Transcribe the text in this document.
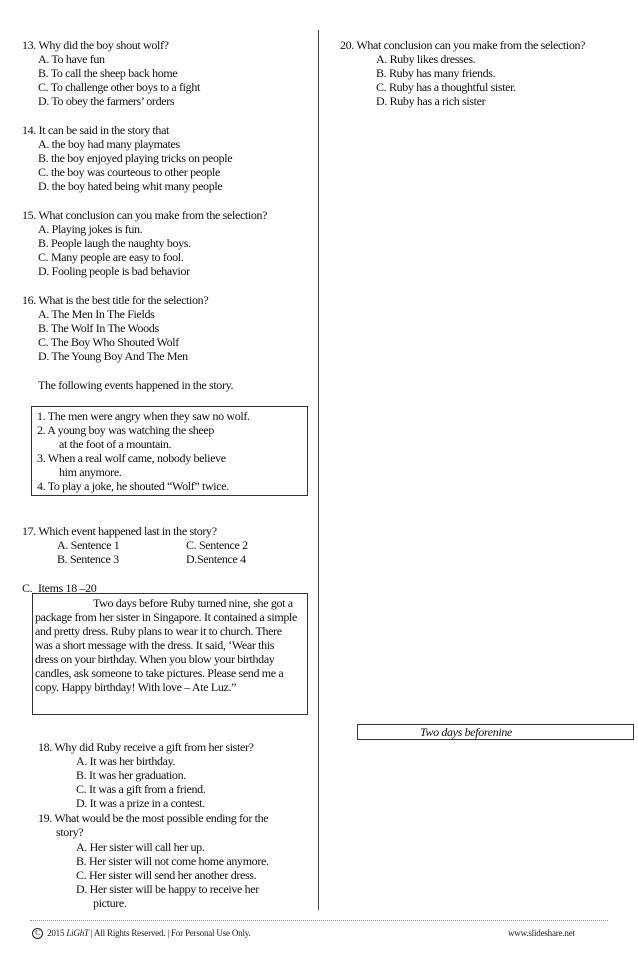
13. Why did the boy shout wolf?
A. To have fun
B. To call the sheep back home
C. To challenge other boys to a fight
D. To obey the farmers’ orders
14. It can be said in the story that
A. the boy had many playmates
B. the boy enjoyed playing tricks on people
C. the boy was courteous to other people
D. the boy hated being whit many people
15. What conclusion can you make from the selection?
A. Playing jokes is fun.
B. People laugh the naughty boys.
C. Many people are easy to fool.
D. Fooling people is bad behavior
16. What is the best title for the selection?
A. The Men In The Fields
B. The Wolf In The Woods
C. The Boy Who Shouted Wolf
D. The Young Boy And The Men
The following events happened in the story.
1. The men were angry when they saw no wolf.
2. A young boy was watching the sheep
at the foot of a mountain.
3. When a real wolf came, nobody believe
him anymore.
4. To play a joke, he shouted “Wolf” twice.
17. Which event happened last in the story?
A. Sentence 1	C. Sentence 2
B. Sentence 3	D.Sentence 4
C. Items 18 –20
Two days before Ruby turned nine, she got a
package from her sister in Singapore. It contained a simple
and pretty dress. Ruby plans to wear it to church. There
was a short message with the dress. It said, ‘Wear this
dress on your birthday. When you blow your birthday
candles, ask someone to take pictures. Please send me a
copy. Happy birthday! With love – Ate Luz.”
18. Why did Ruby receive a gift from her sister?
A. It was her birthday.
B. It was her graduation.
C. It was a gift from a friend.
D. It was a prize in a contest.
19. What would be the most possible ending for the
story?
A. Her sister will call her up.
B. Her sister will not come home anymore.
C. Her sister will send her another dress.
D. Her sister will be happy to receive her
picture.
20. What conclusion can you make from the selection?
A. Ruby likes dresses.
B. Ruby has many friends.
C. Ruby has a thoughtful sister.
D. Ruby has a rich sister
Two days beforenine
C 2015 LiGhT | All Rights Reserved. | For Personal Use Only.	www.slideshare.net
